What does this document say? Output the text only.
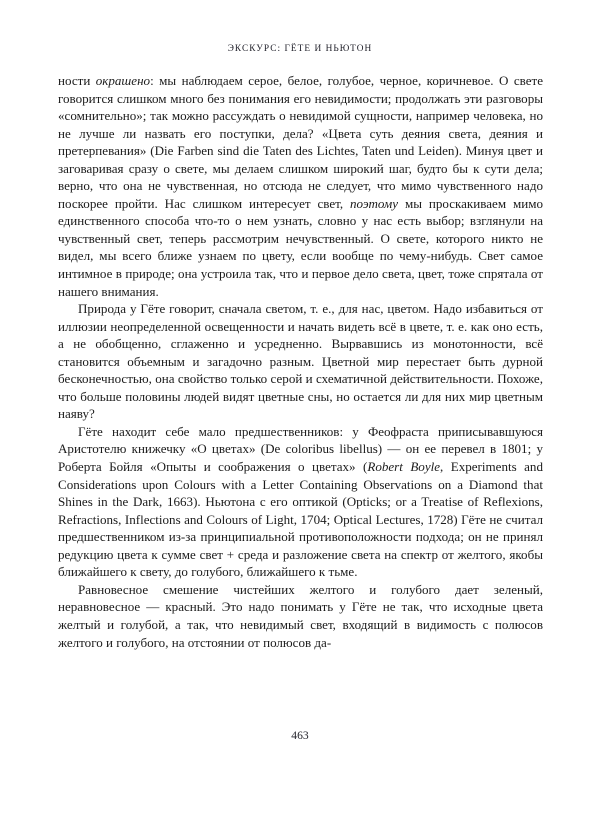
ЭКСКУРС: ГЁТЕ И НЬЮТОН

ности окрашено: мы наблюдаем серое, белое, голубое, черное, коричневое. О свете говорится слишком много без понимания его невидимости; продолжать эти разговоры «сомнительно»; так можно рассуждать о невидимой сущности, например человека, но не лучше ли назвать его поступки, дела? «Цвета суть деяния света, деяния и претерпевания» (Die Farben sind die Taten des Lichtes, Taten und Leiden). Минуя цвет и заговаривая сразу о свете, мы делаем слишком широкий шаг, будто бы к сути дела; верно, что она не чувственная, но отсюда не следует, что мимо чувственного надо поскорее пройти. Нас слишком интересует свет, поэтому мы проскакиваем мимо единственного способа что-то о нем узнать, словно у нас есть выбор; взглянули на чувственный свет, теперь рассмотрим нечувственный. О свете, которого никто не видел, мы всего ближе узнаем по цвету, если вообще по чему-нибудь. Свет самое интимное в природе; она устроила так, что и первое дело света, цвет, тоже спрятала от нашего внимания.

Природа у Гёте говорит, сначала светом, т. е., для нас, цветом. Надо избавиться от иллюзии неопределенной освещенности и начать видеть всё в цвете, т. е. как оно есть, а не обобщенно, сглаженно и усредненно. Вырвавшись из монотонности, всё становится объемным и загадочно разным. Цветной мир перестает быть дурной бесконечностью, она свойство только серой и схематичной действительности. Похоже, что больше половины людей видят цветные сны, но остается ли для них мир цветным наяву?

Гёте находит себе мало предшественников: у Феофраста приписывавшуюся Аристотелю книжечку «О цветах» (De coloribus libellus) — он ее перевел в 1801; у Роберта Бойля «Опыты и соображения о цветах» (Robert Boyle, Experiments and Considerations upon Colours with a Letter Containing Observations on a Diamond that Shines in the Dark, 1663). Ньютона с его оптикой (Opticks; or a Treatise of Reflexions, Refractions, Inflections and Colours of Light, 1704; Optical Lectures, 1728) Гёте не считал предшественником из-за принципиальной противоположности подхода; он не принял редукцию цвета к сумме свет + среда и разложение света на спектр от желтого, якобы ближайшего к свету, до голубого, ближайшего к тьме.

Равновесное смешение чистейших желтого и голубого дает зеленый, неравновесное — красный. Это надо понимать у Гёте не так, что исходные цвета желтый и голубой, а так, что невидимый свет, входящий в видимость с полюсов желтого и голубого, на отстоянии от полюсов да-

463
